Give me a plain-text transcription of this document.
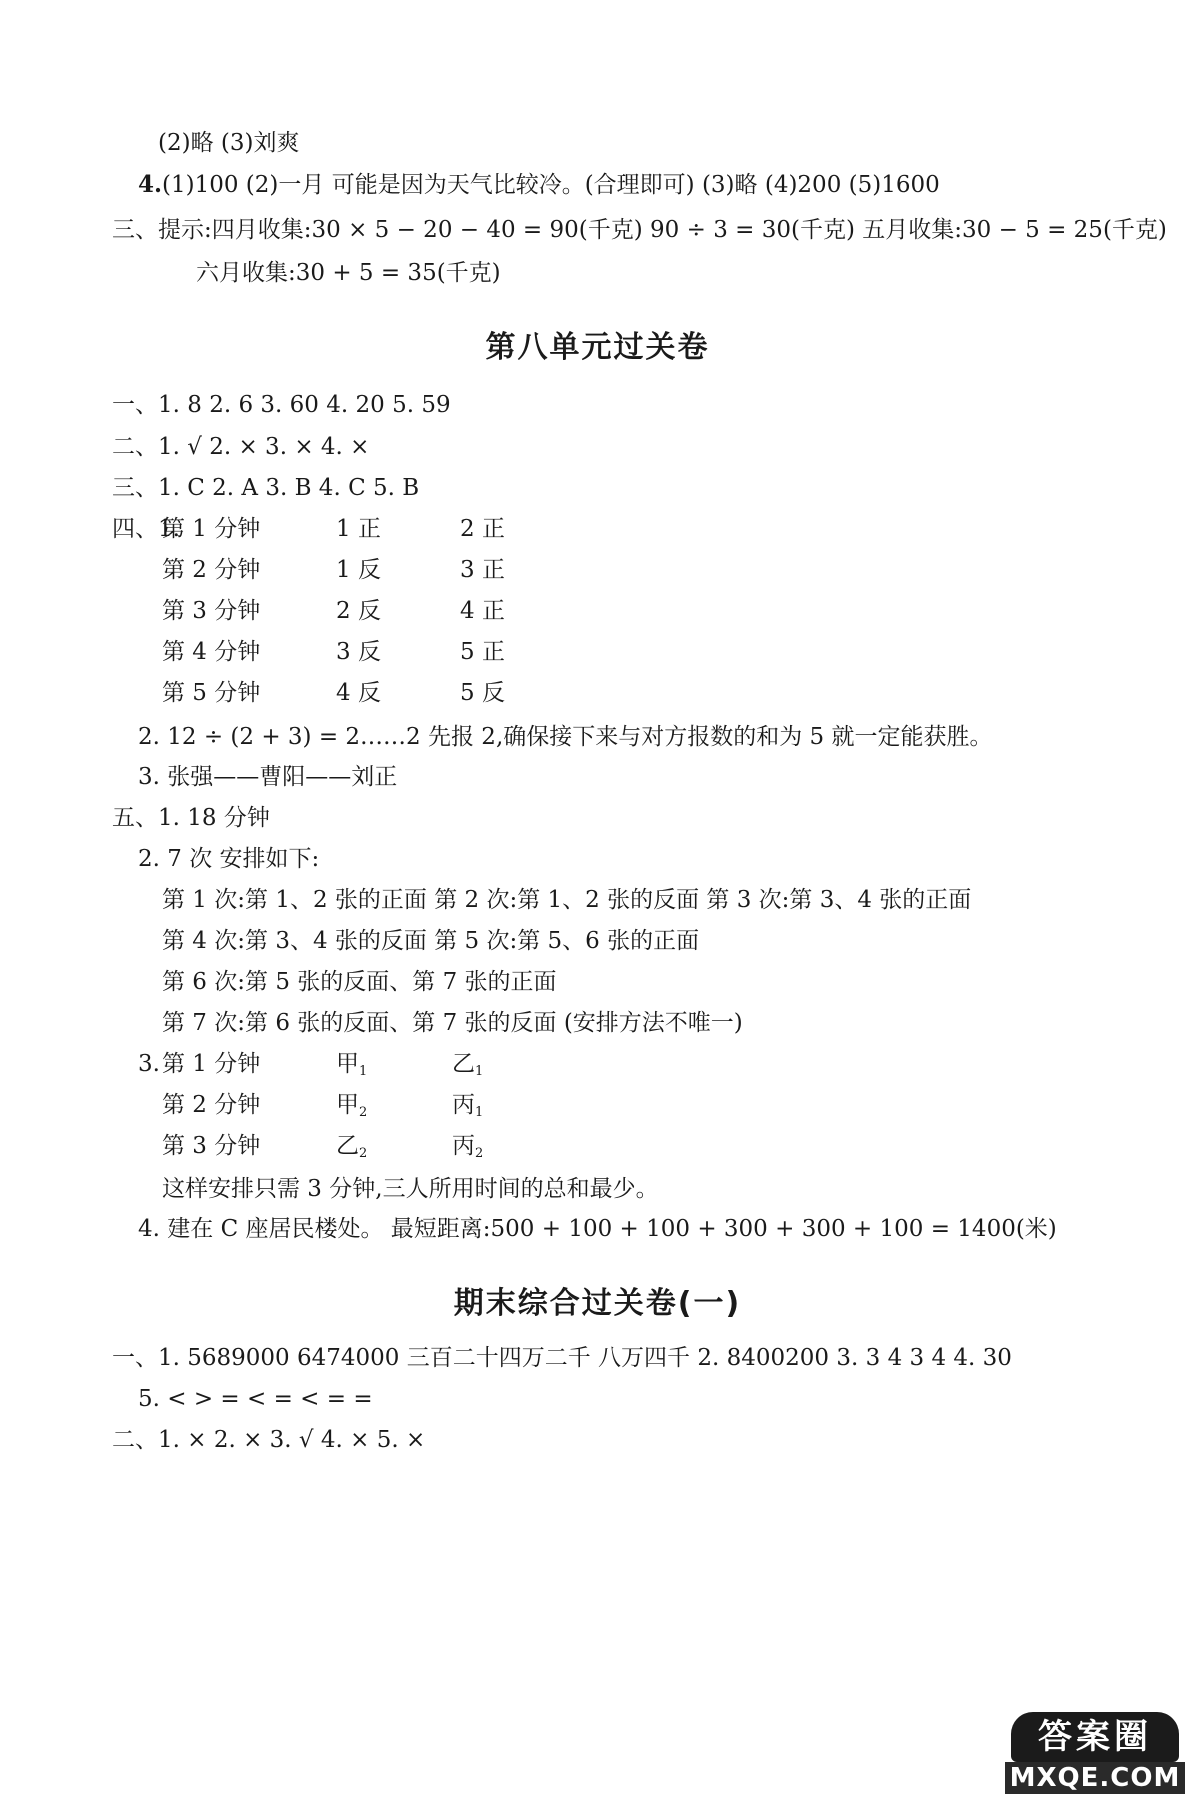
(2)略 (3)刘爽
4.(1)100 (2)一月 可能是因为天气比较冷。(合理即可) (3)略 (4)200 (5)1600
三、提示:四月收集:30 × 5 − 20 − 40 = 90(千克) 90 ÷ 3 = 30(千克) 五月收集:30 − 5 = 25(千克)
六月收集:30 + 5 = 35(千克)
第八单元过关卷
一、1. 8 2. 6 3. 60 4. 20 5. 59
二、1. √ 2. × 3. × 4. ×
三、1. C 2. A 3. B 4. C 5. B
四、1.
第 1 分钟	1 正	2 正
第 2 分钟	1 反	3 正
第 3 分钟	2 反	4 正
第 4 分钟	3 反	5 正
第 5 分钟	4 反	5 反
2. 12 ÷ (2 + 3) = 2……2 先报 2,确保接下来与对方报数的和为 5 就一定能获胜。
3. 张强——曹阳——刘正
五、1. 18 分钟
2. 7 次 安排如下:
第 1 次:第 1、2 张的正面 第 2 次:第 1、2 张的反面 第 3 次:第 3、4 张的正面
第 4 次:第 3、4 张的反面 第 5 次:第 5、6 张的正面
第 6 次:第 5 张的反面、第 7 张的正面
第 7 次:第 6 张的反面、第 7 张的反面 (安排方法不唯一)
3. 第 1 分钟	甲$_1$	乙$_1$
第 2 分钟	甲$_2$	丙$_1$
第 3 分钟	乙$_2$	丙$_2$
这样安排只需 3 分钟,三人所用时间的总和最少。
4. 建在 C 座居民楼处。 最短距离:500 + 100 + 100 + 300 + 300 + 100 = 1400(米)
期末综合过关卷(一)
一、1. 5689000 6474000 三百二十四万二千 八万四千 2. 8400200 3. 3 4 3 4 4. 30
5. < > = < = < = =
二、1. × 2. × 3. √ 4. × 5. ×
答案圈
MXQE.COM
